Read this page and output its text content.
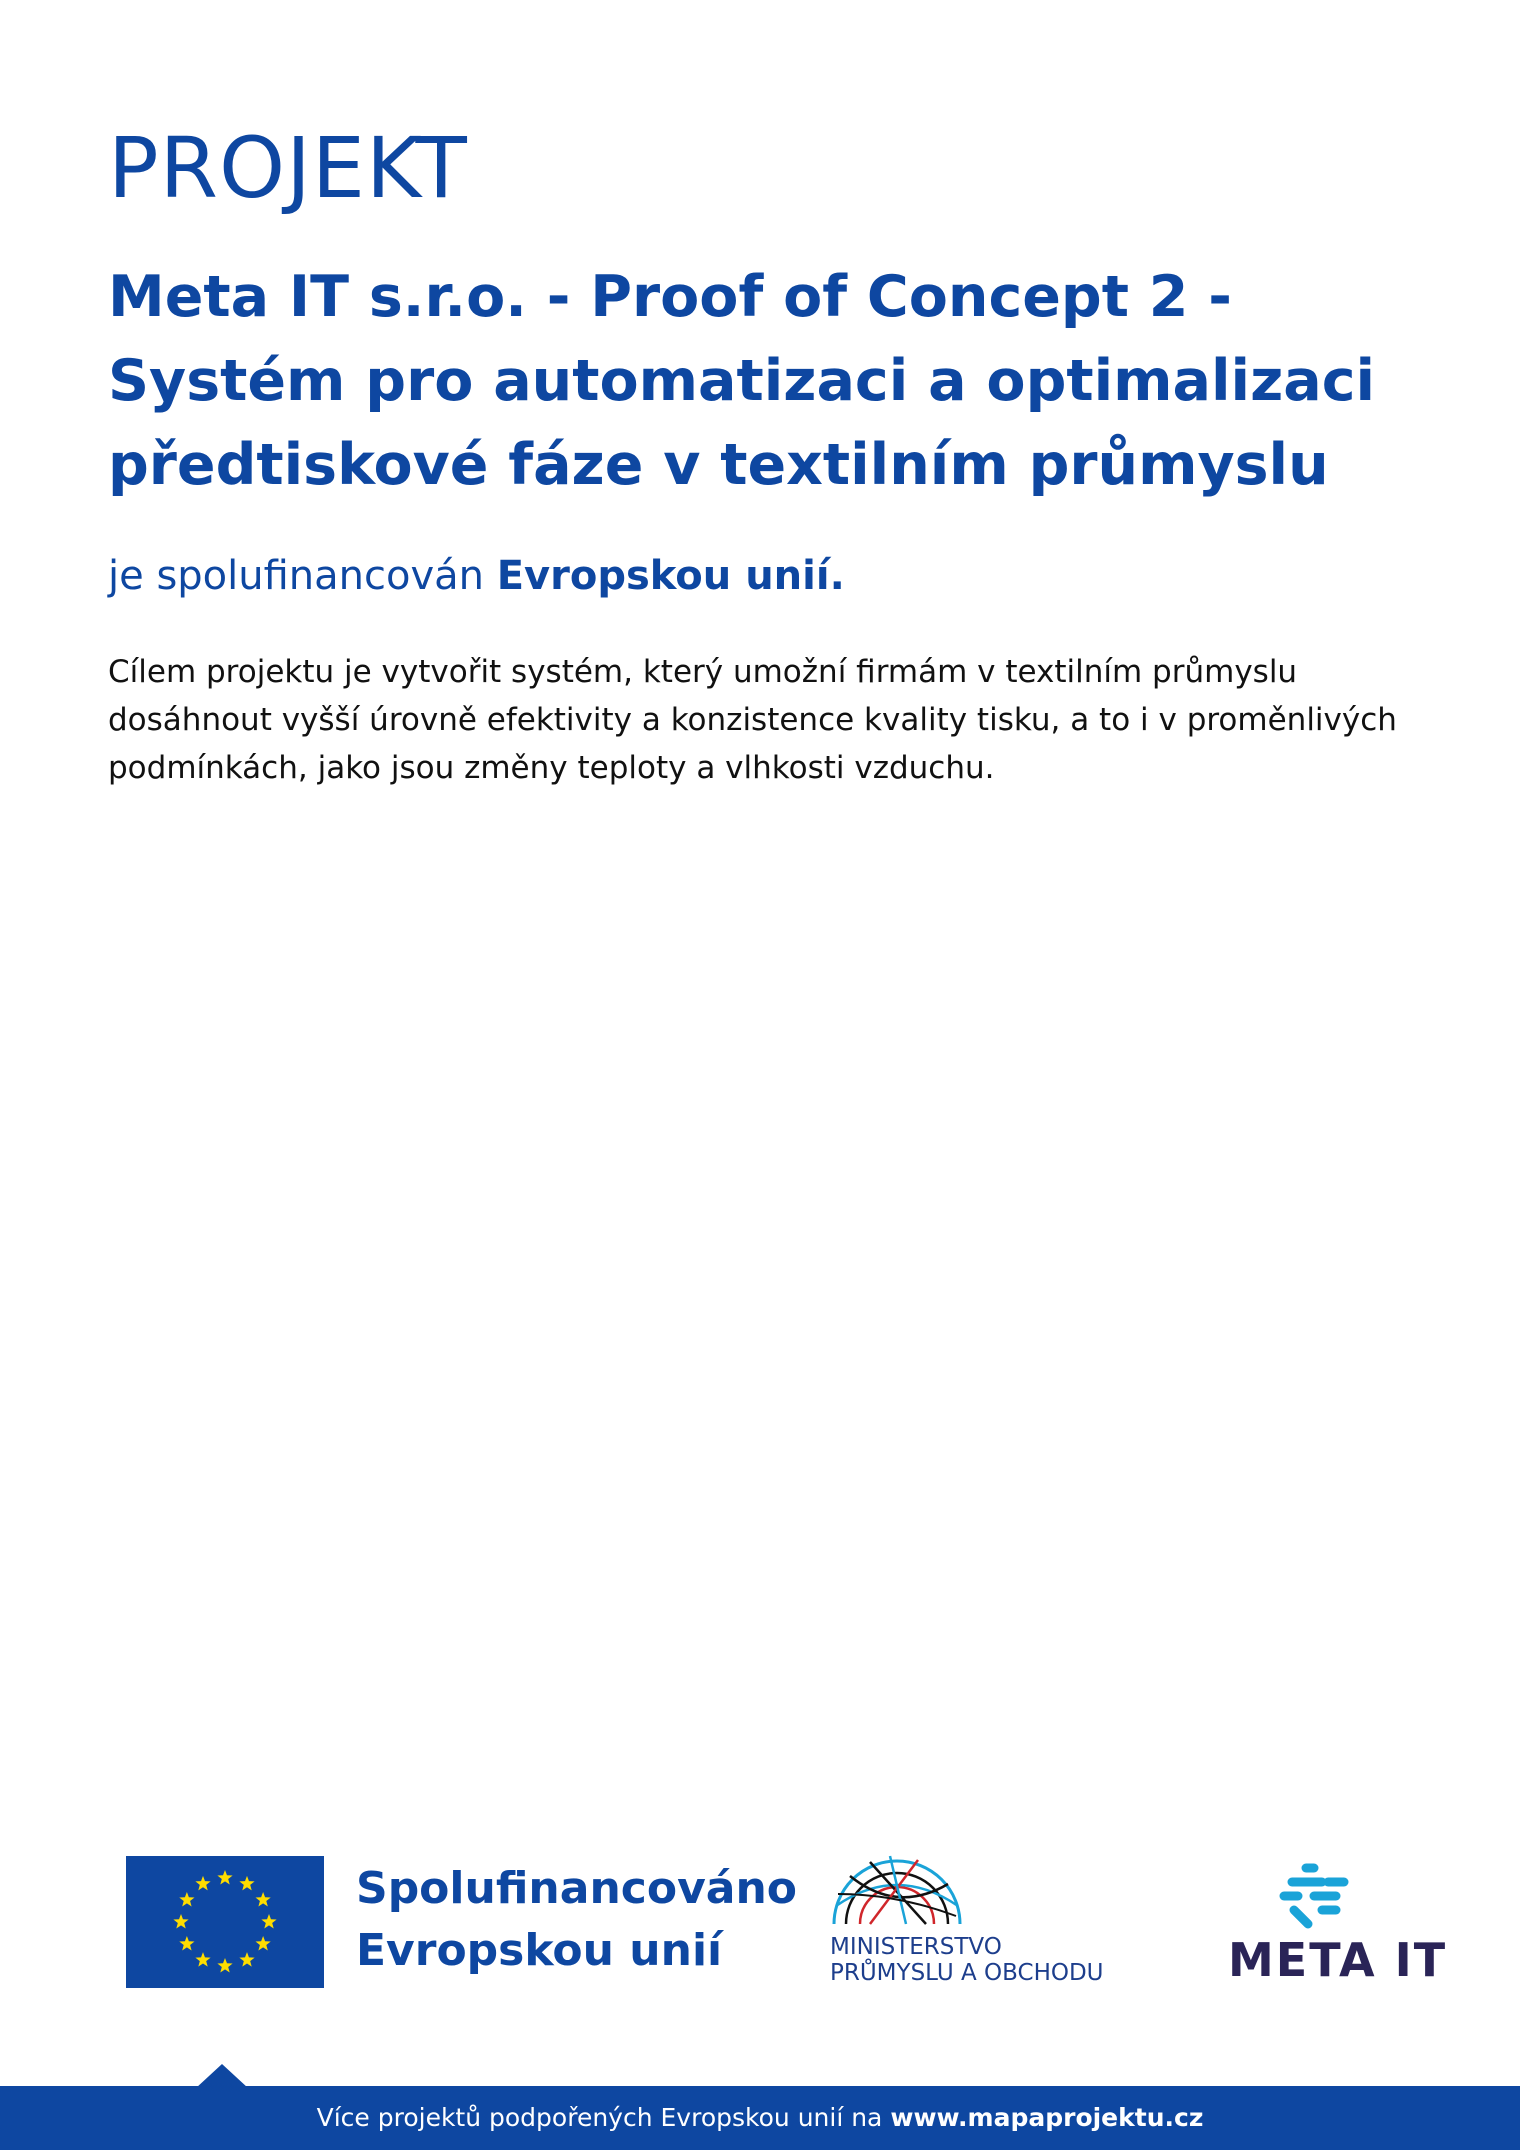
PROJEKT
Meta IT s.r.o. - Proof of Concept 2 - Systém pro automatizaci a optimalizaci předtiskové fáze v textilním průmyslu

je spolufinancován Evropskou unií.

Cílem projektu je vytvořit systém, který umožní firmám v textilním průmyslu dosáhnout vyšší úrovně efektivity a konzistence kvality tisku, a to i v proměnlivých podmínkách, jako jsou změny teploty a vlhkosti vzduchu.

Spolufinancováno
Evropskou unií	MINISTERSTVO
PRŮMYSLU A OBCHODU	META IT
Více projektů podpořených Evropskou unií na www.mapaprojektu.cz
